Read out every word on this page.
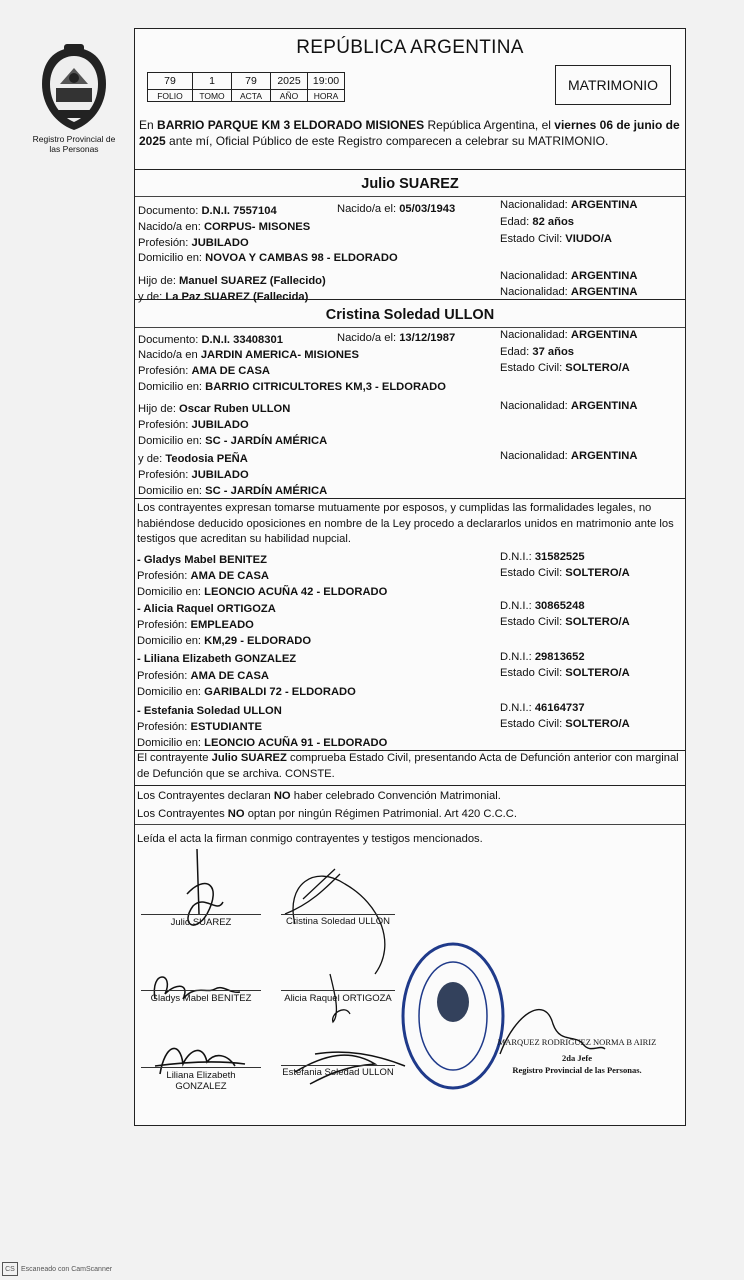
Registro Provincial de las Personas
REPÚBLICA ARGENTINA
79	1	79	2025	19:00
FOLIO	TOMO	ACTA	AÑO	HORA
MATRIMONIO
En BARRIO PARQUE KM 3 ELDORADO MISIONES República Argentina, el viernes 06 de junio de 2025 ante mí, Oficial Público de este Registro comparecen a celebrar su MATRIMONIO.
Julio SUAREZ
Documento: D.N.I. 7557104	Nacido/a el: 05/03/1943	Nacionalidad: ARGENTINA
Nacido/a en: CORPUS- MISONES	Edad: 82 años
Profesión: JUBILADO	Estado Civil: VIUDO/A
Domicilio en: NOVOA Y CAMBAS 98 - ELDORADO
Hijo de: Manuel SUAREZ (Fallecido)	Nacionalidad: ARGENTINA
y de: La Paz SUAREZ (Fallecida)	Nacionalidad: ARGENTINA
Cristina Soledad ULLON
Documento: D.N.I. 33408301	Nacido/a el: 13/12/1987	Nacionalidad: ARGENTINA
Nacido/a en JARDIN AMERICA- MISIONES	Edad: 37 años
Profesión: AMA DE CASA	Estado Civil: SOLTERO/A
Domicilio en: BARRIO CITRICULTORES KM,3 - ELDORADO
Hijo de: Oscar Ruben ULLON	Nacionalidad: ARGENTINA
Profesión: JUBILADO
Domicilio en: SC - JARDÍN AMÉRICA
y de: Teodosia PEÑA	Nacionalidad: ARGENTINA
Profesión: JUBILADO
Domicilio en: SC - JARDÍN AMÉRICA
Los contrayentes expresan tomarse mutuamente por esposos, y cumplidas las formalidades legales, no habiéndose deducido oposiciones en nombre de la Ley procedo a declararlos unidos en matrimonio ante los testigos que acreditan su habilidad nupcial.
- Gladys Mabel BENITEZ	D.N.I.: 31582525
Profesión: AMA DE CASA	Estado Civil: SOLTERO/A
Domicilio en: LEONCIO ACUÑA 42 - ELDORADO
- Alicia Raquel ORTIGOZA	D.N.I.: 30865248
Profesión: EMPLEADO	Estado Civil: SOLTERO/A
Domicilio en: KM,29 - ELDORADO
- Liliana Elizabeth GONZALEZ	D.N.I.: 29813652
Profesión: AMA DE CASA	Estado Civil: SOLTERO/A
Domicilio en: GARIBALDI 72 - ELDORADO
- Estefania Soledad ULLON	D.N.I.: 46164737
Profesión: ESTUDIANTE	Estado Civil: SOLTERO/A
Domicilio en: LEONCIO ACUÑA 91 - ELDORADO
El contrayente Julio SUAREZ comprueba Estado Civil, presentando Acta de Defunción anterior con marginal de Defunción que se archiva. CONSTE.
Los Contrayentes declaran NO haber celebrado Convención Matrimonial.
Los Contrayentes NO optan por ningún Régimen Patrimonial. Art 420 C.C.C.
Leída el acta la firman conmigo contrayentes y testigos mencionados.
Julio SUAREZ	Cristina Soledad ULLON
Gladys Mabel BENITEZ	Alicia Raquel ORTIGOZA
Liliana Elizabeth
GONZALEZ
Estefania Soledad ULLON
MARQUEZ RODRIGUEZ NORMA B AIRIZ
2da Jefe
Registro Provincial de las Personas.
CS Escaneado con CamScanner
